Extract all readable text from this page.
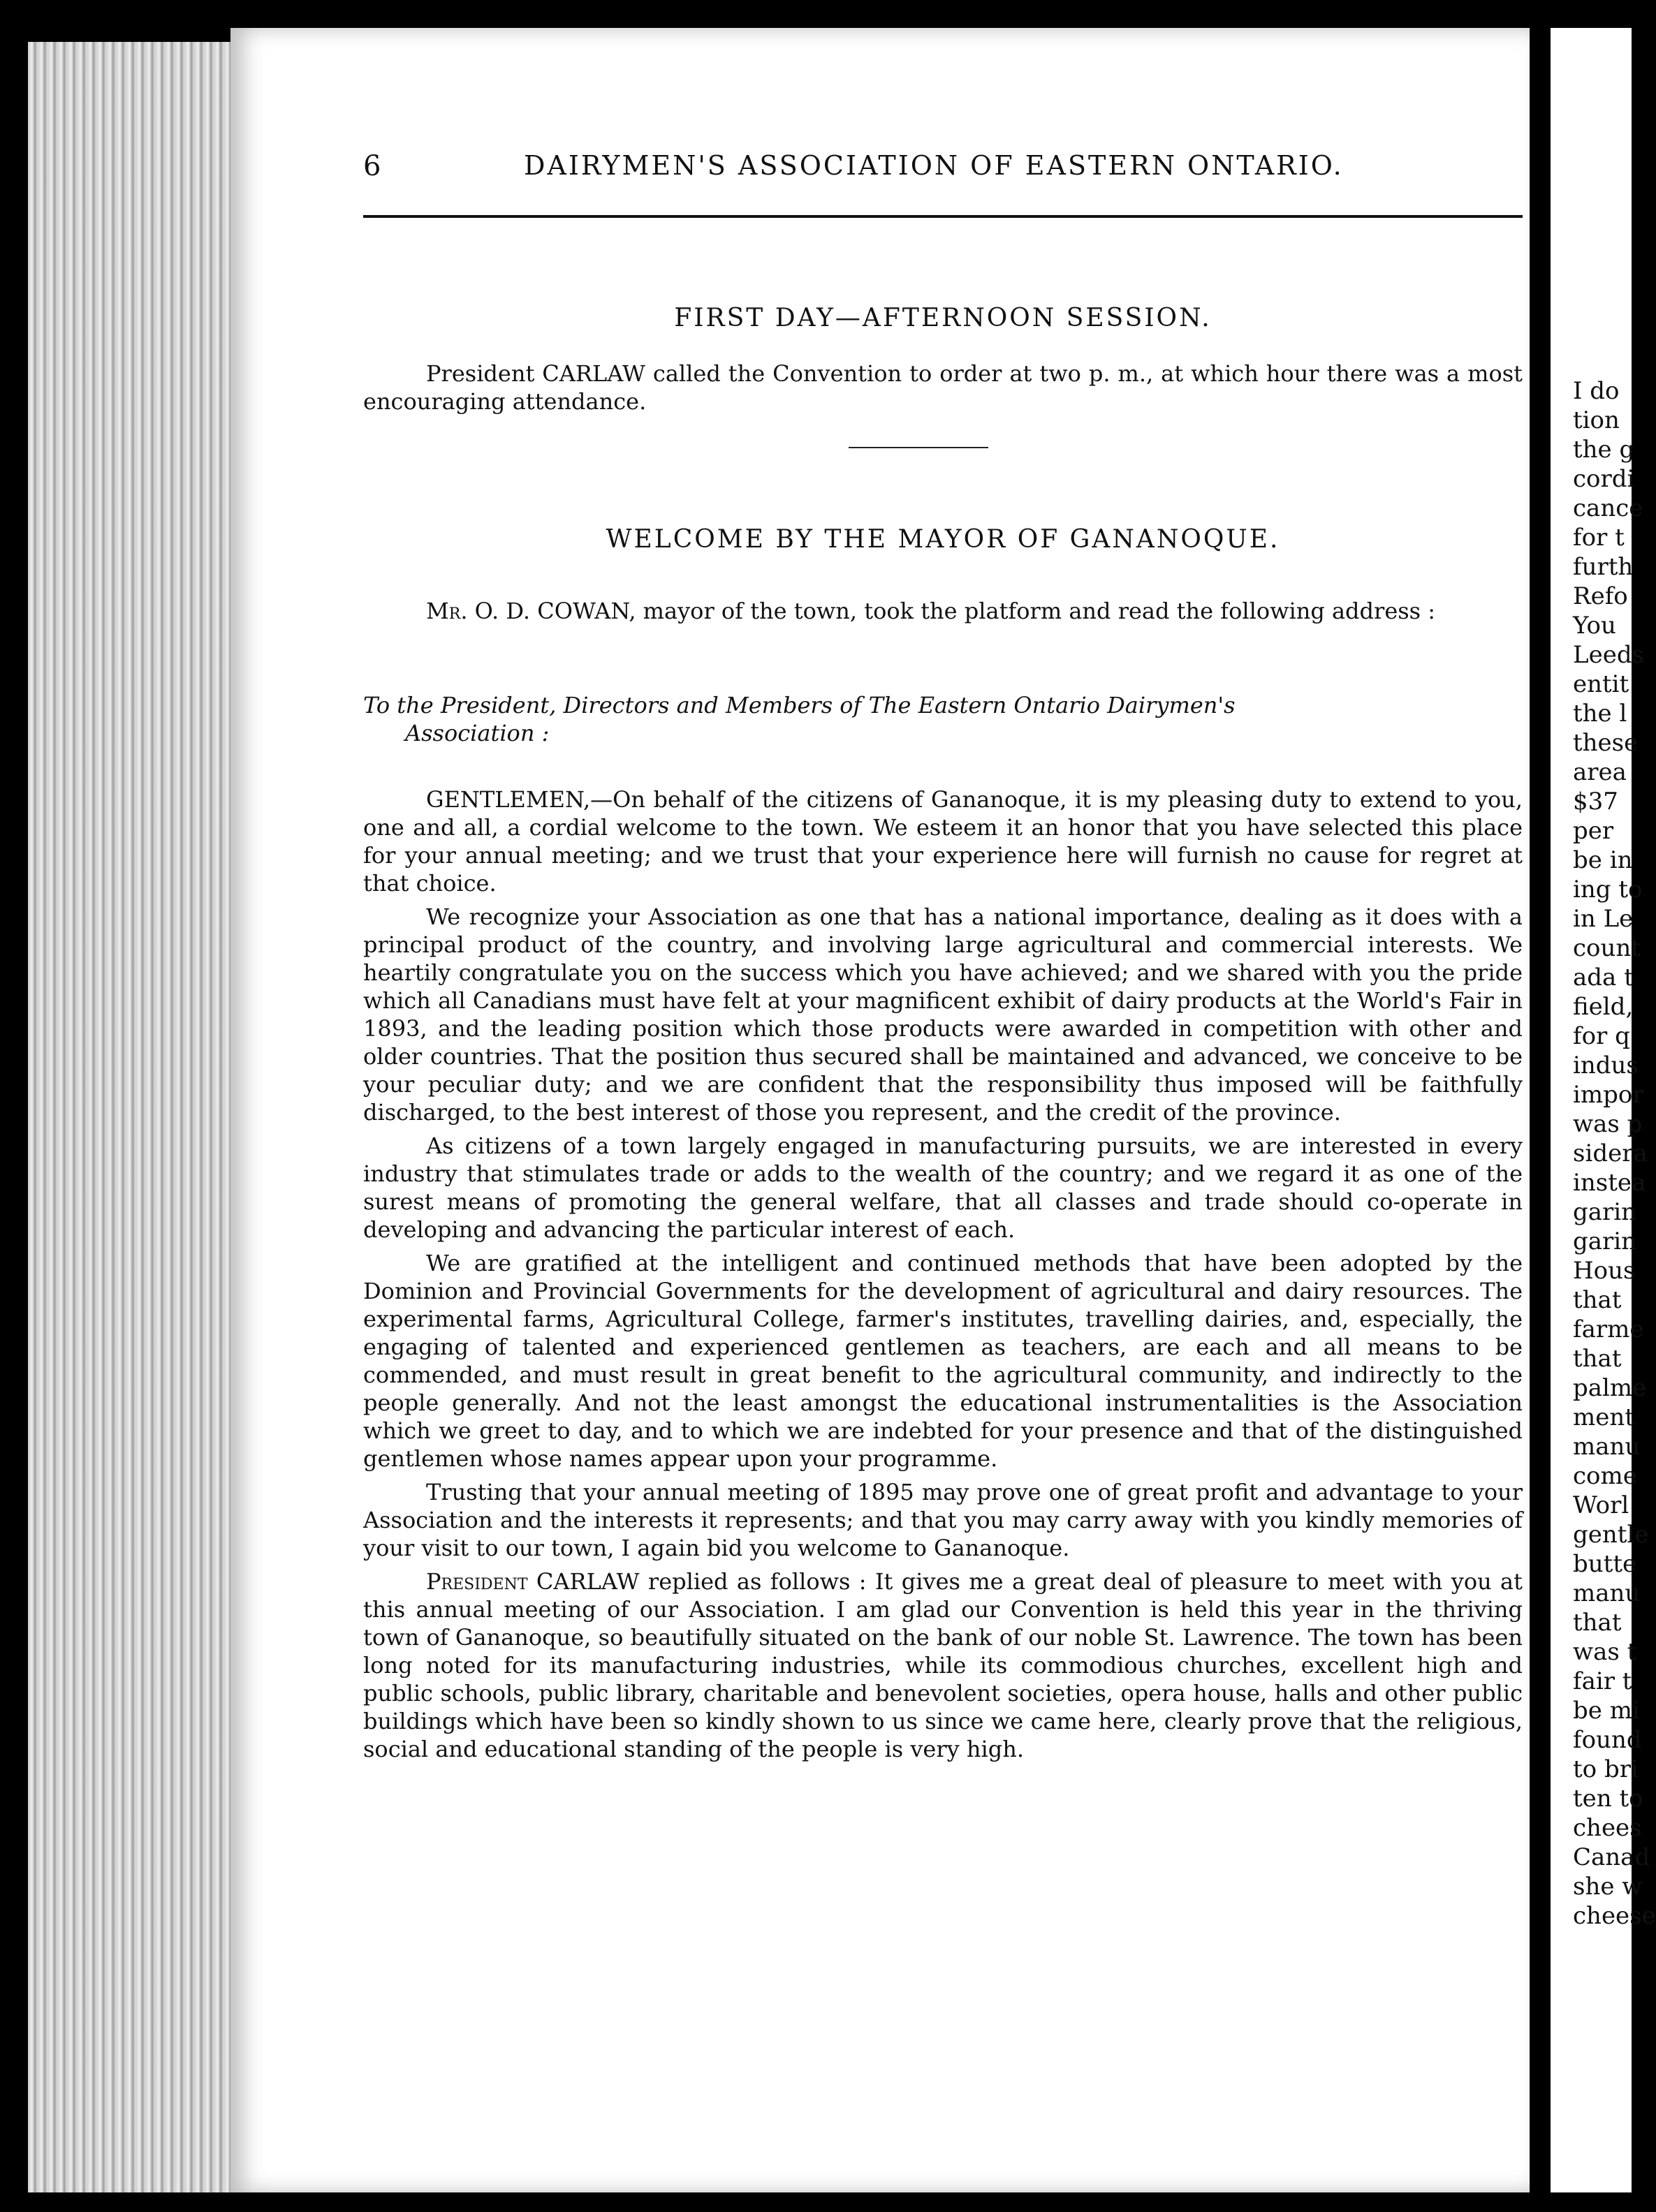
6	DAIRYMEN'S ASSOCIATION OF EASTERN ONTARIO.
FIRST DAY—AFTERNOON SESSION.

President CARLAW called the Convention to order at two p. m., at which hour there was a most encouraging attendance.

WELCOME BY THE MAYOR OF GANANOQUE.

Mr. O. D. COWAN, mayor of the town, took the platform and read the following address :

To the President, Directors and Members of The Eastern Ontario Dairymen's
Association :

GENTLEMEN,—On behalf of the citizens of Gananoque, it is my pleasing duty to extend to you, one and all, a cordial welcome to the town. We esteem it an honor that you have selected this place for your annual meeting; and we trust that your experience here will furnish no cause for regret at that choice.

We recognize your Association as one that has a national importance, dealing as it does with a principal product of the country, and involving large agricultural and commercial interests. We heartily congratulate you on the success which you have achieved; and we shared with you the pride which all Canadians must have felt at your magnificent exhibit of dairy products at the World's Fair in 1893, and the leading position which those products were awarded in competition with other and older countries. That the position thus secured shall be maintained and advanced, we conceive to be your peculiar duty; and we are confident that the responsibility thus imposed will be faithfully discharged, to the best interest of those you represent, and the credit of the province.

As citizens of a town largely engaged in manufacturing pursuits, we are interested in every industry that stimulates trade or adds to the wealth of the country; and we regard it as one of the surest means of promoting the general welfare, that all classes and trade should co-operate in developing and advancing the particular interest of each.

We are gratified at the intelligent and continued methods that have been adopted by the Dominion and Provincial Governments for the development of agricultural and dairy resources. The experimental farms, Agricultural College, farmer's institutes, travelling dairies, and, especially, the engaging of talented and experienced gentlemen as teachers, are each and all means to be commended, and must result in great benefit to the agricultural community, and indirectly to the people generally. And not the least amongst the educational instrumentalities is the Association which we greet to day, and to which we are indebted for your presence and that of the distinguished gentlemen whose names appear upon your programme.

Trusting that your annual meeting of 1895 may prove one of great profit and advantage to your Association and the interests it represents; and that you may carry away with you kindly memories of your visit to our town, I again bid you welcome to Gananoque.

President CARLAW replied as follows : It gives me a great deal of pleasure to meet with you at this annual meeting of our Association. I am glad our Convention is held this year in the thriving town of Gananoque, so beautifully situated on the bank of our noble St. Lawrence. The town has been long noted for its manufacturing industries, while its commodious churches, excellent high and public schools, public library, charitable and benevolent societies, opera house, halls and other public buildings which have been so kindly shown to us since we came here, clearly prove that the religious, social and educational standing of the people is very high.

I do
tion
the g
cordi
cance
for t
furth
Refo
You
Leeds
entit
the l
these
area
$37
per
be in
ing to
in Le
count
ada t
field,
for q
indus
impor
was p
sidera
instea
garin
garin
Hous
that
farme
that
palme
ment
manu
come
Worl
gentle
butte
manu
that
was t
fair t
be mi
found
to bri
ten to
chees
Canad
she w
cheese
